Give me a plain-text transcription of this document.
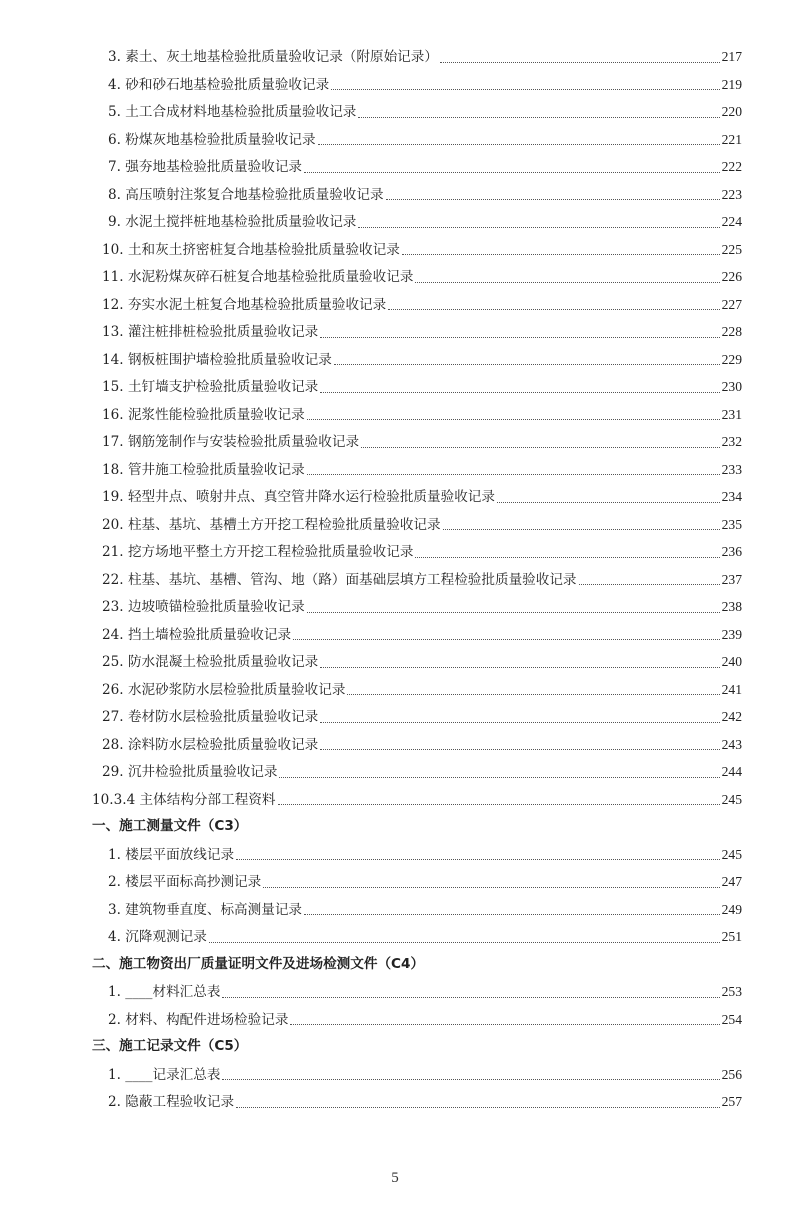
3. 素土、灰土地基检验批质量验收记录（附原始记录）	217
4. 砂和砂石地基检验批质量验收记录	219
5. 土工合成材料地基检验批质量验收记录	220
6. 粉煤灰地基检验批质量验收记录	221
7. 强夯地基检验批质量验收记录	222
8. 高压喷射注浆复合地基检验批质量验收记录	223
9. 水泥土搅拌桩地基检验批质量验收记录	224
10. 土和灰土挤密桩复合地基检验批质量验收记录	225
11. 水泥粉煤灰碎石桩复合地基检验批质量验收记录	226
12. 夯实水泥土桩复合地基检验批质量验收记录	227
13. 灌注桩排桩检验批质量验收记录	228
14. 钢板桩围护墙检验批质量验收记录	229
15. 土钉墙支护检验批质量验收记录	230
16. 泥浆性能检验批质量验收记录	231
17. 钢筋笼制作与安装检验批质量验收记录	232
18. 管井施工检验批质量验收记录	233
19. 轻型井点、喷射井点、真空管井降水运行检验批质量验收记录	234
20. 柱基、基坑、基槽土方开挖工程检验批质量验收记录	235
21. 挖方场地平整土方开挖工程检验批质量验收记录	236
22. 柱基、基坑、基槽、管沟、地（路）面基础层填方工程检验批质量验收记录	237
23. 边坡喷锚检验批质量验收记录	238
24. 挡土墙检验批质量验收记录	239
25. 防水混凝土检验批质量验收记录	240
26. 水泥砂浆防水层检验批质量验收记录	241
27. 卷材防水层检验批质量验收记录	242
28. 涂料防水层检验批质量验收记录	243
29. 沉井检验批质量验收记录	244
10.3.4 主体结构分部工程资料	245
一、施工测量文件（C3）
1. 楼层平面放线记录	245
2. 楼层平面标高抄测记录	247
3. 建筑物垂直度、标高测量记录	249
4. 沉降观测记录	251
二、施工物资出厂质量证明文件及进场检测文件（C4）
1. ____材料汇总表	253
2. 材料、构配件进场检验记录	254
三、施工记录文件（C5）
1. ____记录汇总表	256
2. 隐蔽工程验收记录	257
5
